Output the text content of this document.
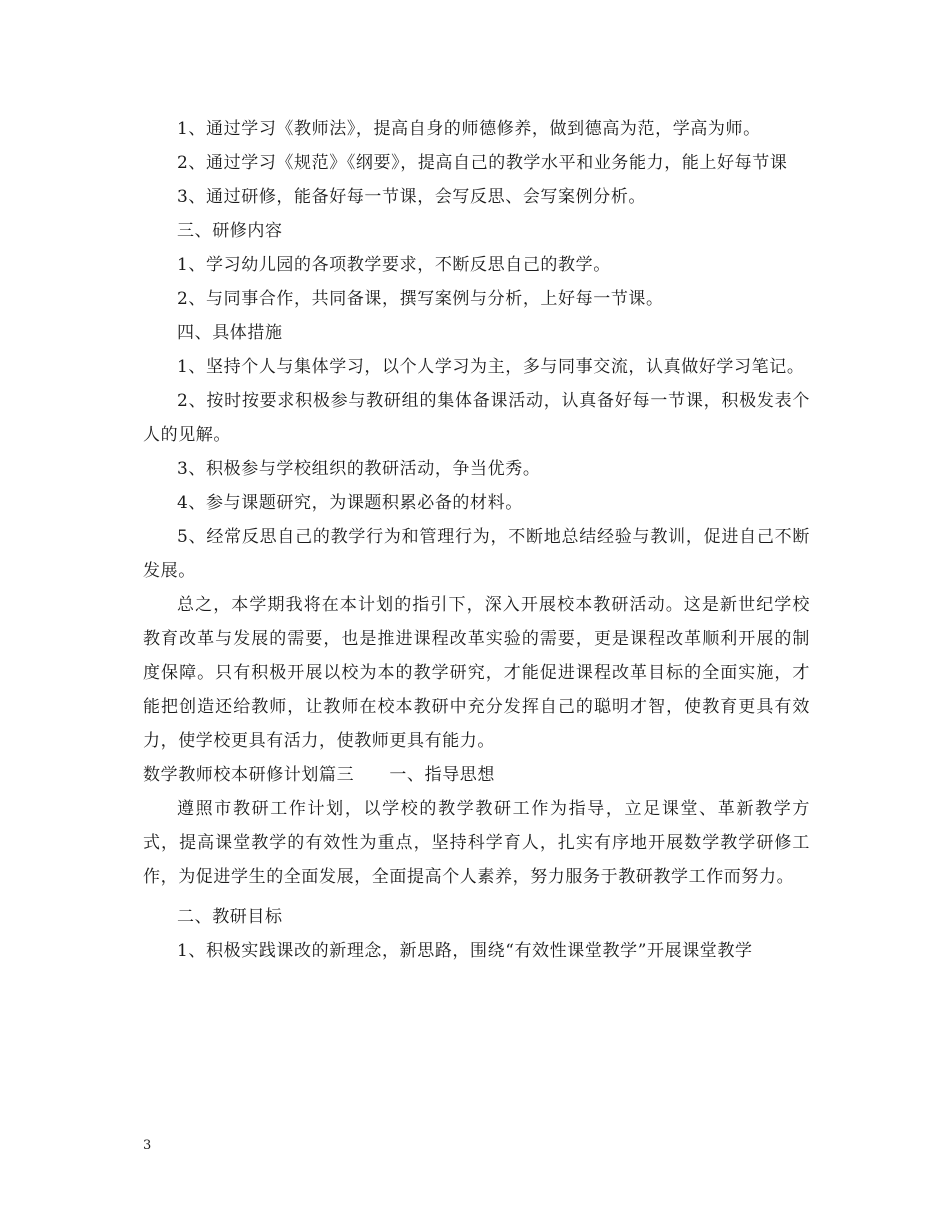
1、通过学习《教师法》，提高自身的师德修养，做到德高为范，学高为师。

2、通过学习《规范》《纲要》，提高自己的教学水平和业务能力，能上好每节课

3、通过研修，能备好每一节课，会写反思、会写案例分析。

三、研修内容

1、学习幼儿园的各项教学要求，不断反思自己的教学。

2、与同事合作，共同备课，撰写案例与分析，上好每一节课。

四、具体措施

1、坚持个人与集体学习，以个人学习为主，多与同事交流，认真做好学习笔记。

2、按时按要求积极参与教研组的集体备课活动，认真备好每一节课，积极发表个人的见解。

3、积极参与学校组织的教研活动，争当优秀。

4、参与课题研究，为课题积累必备的材料。

5、经常反思自己的教学行为和管理行为，不断地总结经验与教训，促进自己不断发展。

总之，本学期我将在本计划的指引下，深入开展校本教研活动。这是新世纪学校教育改革与发展的需要，也是推进课程改革实验的需要，更是课程改革顺利开展的制度保障。只有积极开展以校为本的教学研究，才能促进课程改革目标的全面实施，才能把创造还给教师，让教师在校本教研中充分发挥自己的聪明才智，使教育更具有效力，使学校更具有活力，使教师更具有能力。

数学教师校本研修计划篇三　　一、指导思想

遵照市教研工作计划，以学校的教学教研工作为指导，立足课堂、革新教学方式，提高课堂教学的有效性为重点，坚持科学育人，扎实有序地开展数学教学研修工作，为促进学生的全面发展，全面提高个人素养，努力服务于教研教学工作而努力。

二、教研目标

1、积极实践课改的新理念，新思路，围绕“有效性课堂教学”开展课堂教学

3
